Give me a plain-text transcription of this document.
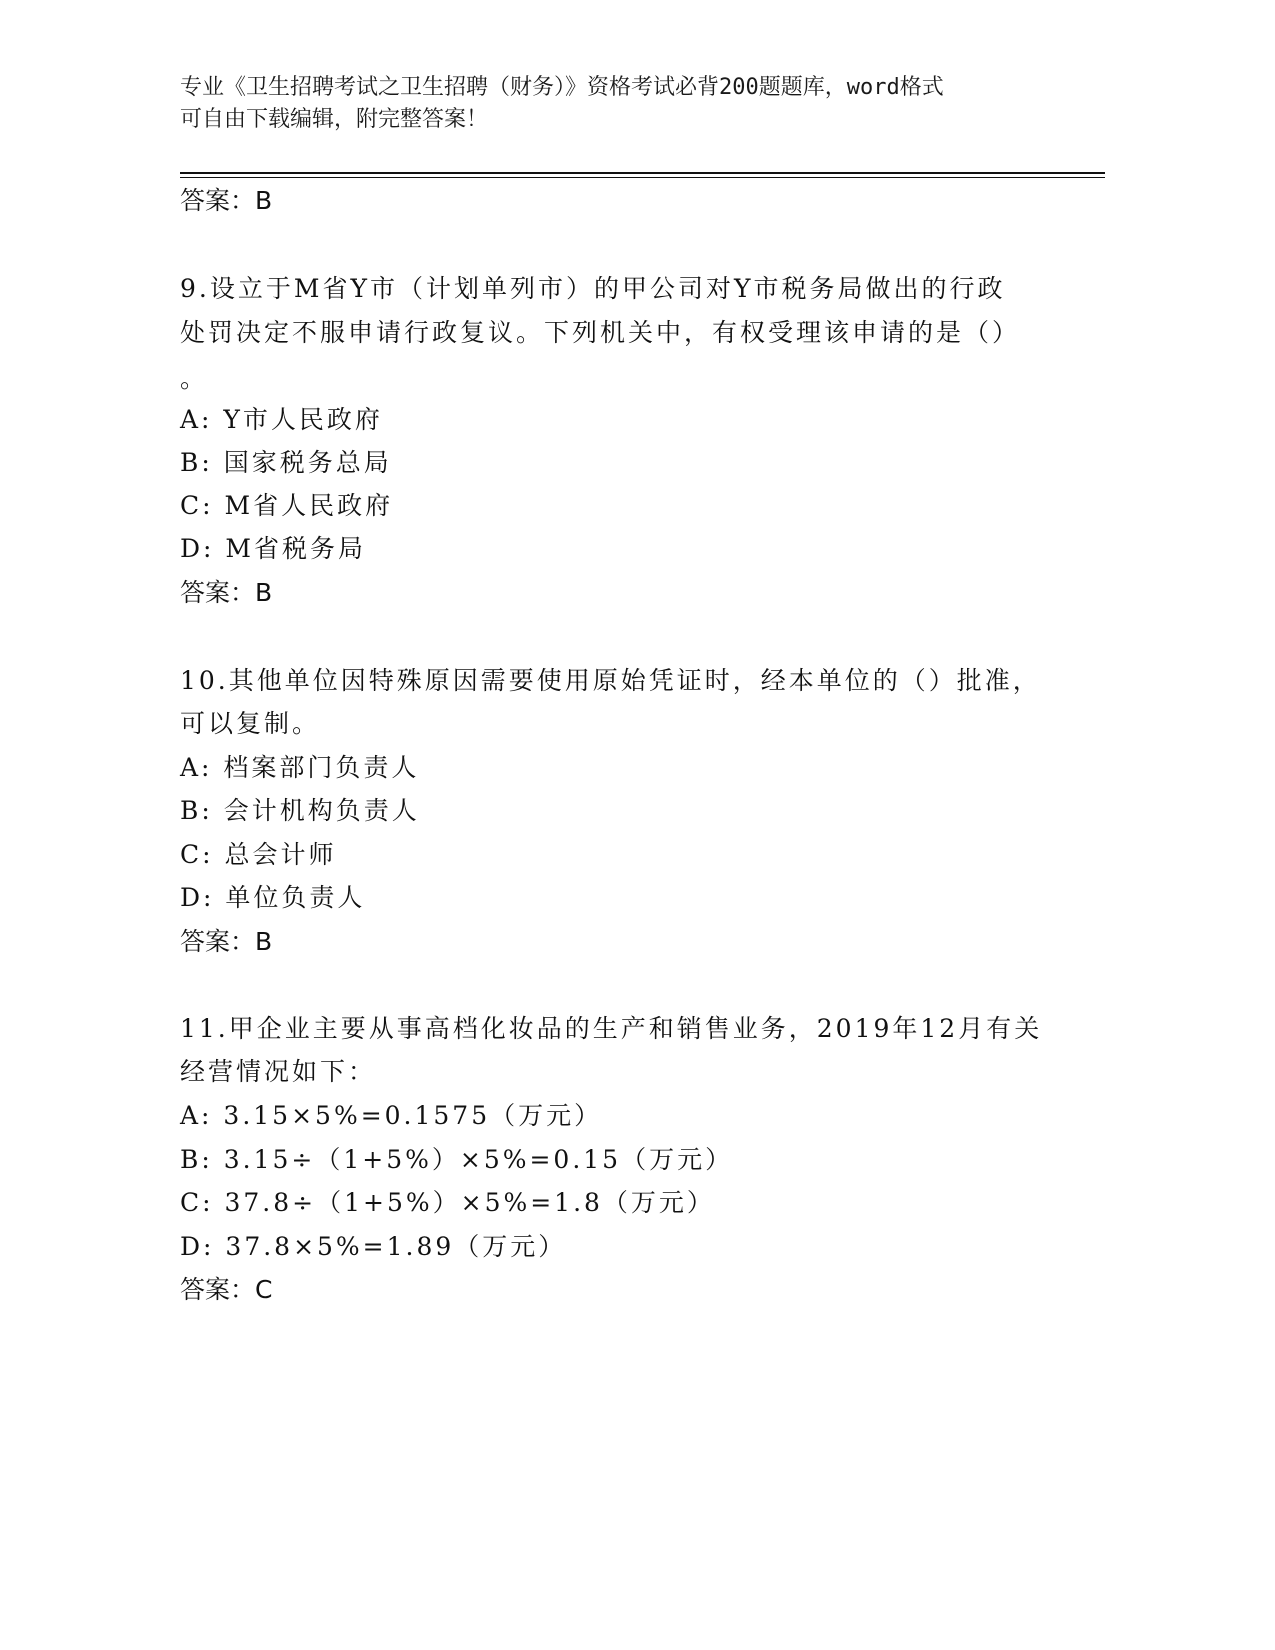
专业《卫生招聘考试之卫生招聘（财务）》资格考试必背200题题库，word格式
可自由下载编辑，附完整答案！
答案：B
9.设立于M省Y市（计划单列市）的甲公司对Y市税务局做出的行政
处罚决定不服申请行政复议。下列机关中，有权受理该申请的是（）
。
A: Y市人民政府
B: 国家税务总局
C: M省人民政府
D: M省税务局
答案：B
10.其他单位因特殊原因需要使用原始凭证时，经本单位的（）批准，
可以复制。
A: 档案部门负责人
B: 会计机构负责人
C: 总会计师
D: 单位负责人
答案：B
11.甲企业主要从事高档化妆品的生产和销售业务，2019年12月有关
经营情况如下：
A: 3.15×5%=0.1575（万元）
B: 3.15÷（1+5%）×5%=0.15（万元）
C: 37.8÷（1+5%）×5%=1.8（万元）
D: 37.8×5%=1.89（万元）
答案：C
